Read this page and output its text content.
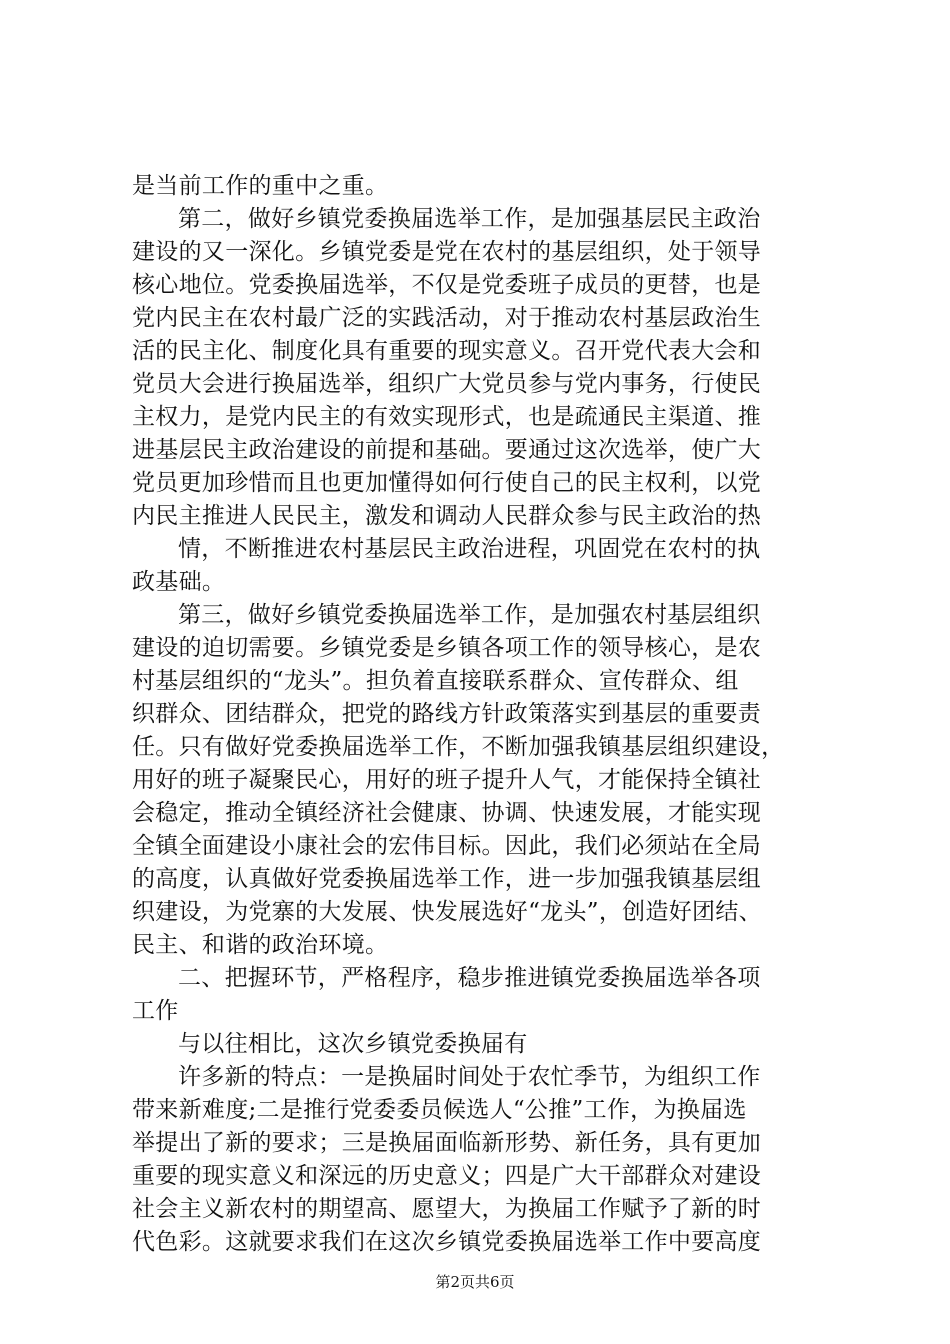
是当前工作的重中之重。
第二，做好乡镇党委换届选举工作，是加强基层民主政治
建设的又一深化。乡镇党委是党在农村的基层组织，处于领导
核心地位。党委换届选举，不仅是党委班子成员的更替，也是
党内民主在农村最广泛的实践活动，对于推动农村基层政治生
活的民主化、制度化具有重要的现实意义。召开党代表大会和
党员大会进行换届选举，组织广大党员参与党内事务，行使民
主权力，是党内民主的有效实现形式，也是疏通民主渠道、推
进基层民主政治建设的前提和基础。要通过这次选举，使广大
党员更加珍惜而且也更加懂得如何行使自己的民主权利，以党
内民主推进人民民主，激发和调动人民群众参与民主政治的热
情，不断推进农村基层民主政治进程，巩固党在农村的执
政基础。
第三，做好乡镇党委换届选举工作，是加强农村基层组织
建设的迫切需要。乡镇党委是乡镇各项工作的领导核心，是农
村基层组织的“龙头”。担负着直接联系群众、宣传群众、组
织群众、团结群众，把党的路线方针政策落实到基层的重要责
任。只有做好党委换届选举工作，不断加强我镇基层组织建设，
用好的班子凝聚民心，用好的班子提升人气，才能保持全镇社
会稳定，推动全镇经济社会健康、协调、快速发展，才能实现
全镇全面建设小康社会的宏伟目标。因此，我们必须站在全局
的高度，认真做好党委换届选举工作，进一步加强我镇基层组
织建设，为党寨的大发展、快发展选好“龙头”，创造好团结、
民主、和谐的政治环境。
二、把握环节，严格程序，稳步推进镇党委换届选举各项
工作
与以往相比，这次乡镇党委换届有
许多新的特点：一是换届时间处于农忙季节，为组织工作
带来新难度;二是推行党委委员候选人“公推”工作，为换届选
举提出了新的要求；三是换届面临新形势、新任务，具有更加
重要的现实意义和深远的历史意义；四是广大干部群众对建设
社会主义新农村的期望高、愿望大，为换届工作赋予了新的时
代色彩。这就要求我们在这次乡镇党委换届选举工作中要高度
第2页共6页
